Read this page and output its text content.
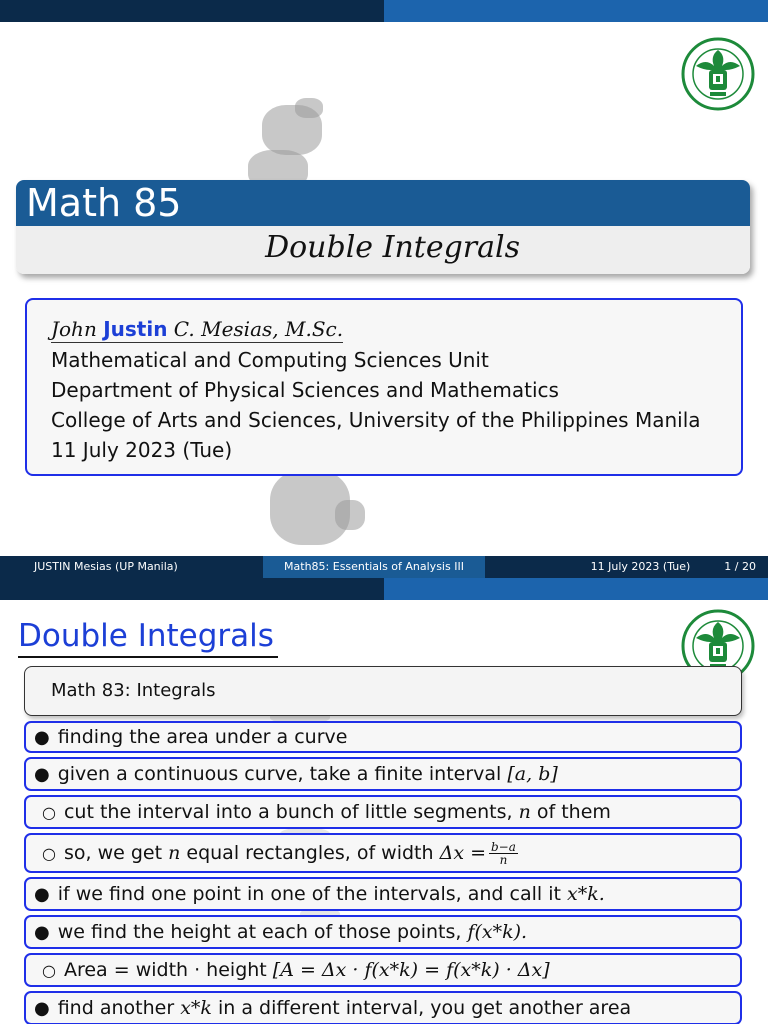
Math 85
Double Integrals
John Justin C. Mesias, M.Sc.
Mathematical and Computing Sciences Unit
Department of Physical Sciences and Mathematics
College of Arts and Sciences, University of the Philippines Manila
11 July 2023 (Tue)
JUSTIN Mesias (UP Manila)	Math85: Essentials of Analysis III	11 July 2023 (Tue)	1 / 20
Double Integrals
Math 83: Integrals
● finding the area under a curve
● given a continuous curve, take a finite interval
[a, b]
○ cut the interval into a bunch of little segments,
n
of them
○ so, we get
n
equal rectangles, of width
$\Delta x = \frac{b-a}{n}$
● if we find one point in one of the intervals, and call it
x*k.
● we find the height at each of those points,
f(x*k).
○ Area = width · height
[A = Δx · f(x*k) = f(x*k) · Δx]
● find another
x*k
in a different interval, you get another area
